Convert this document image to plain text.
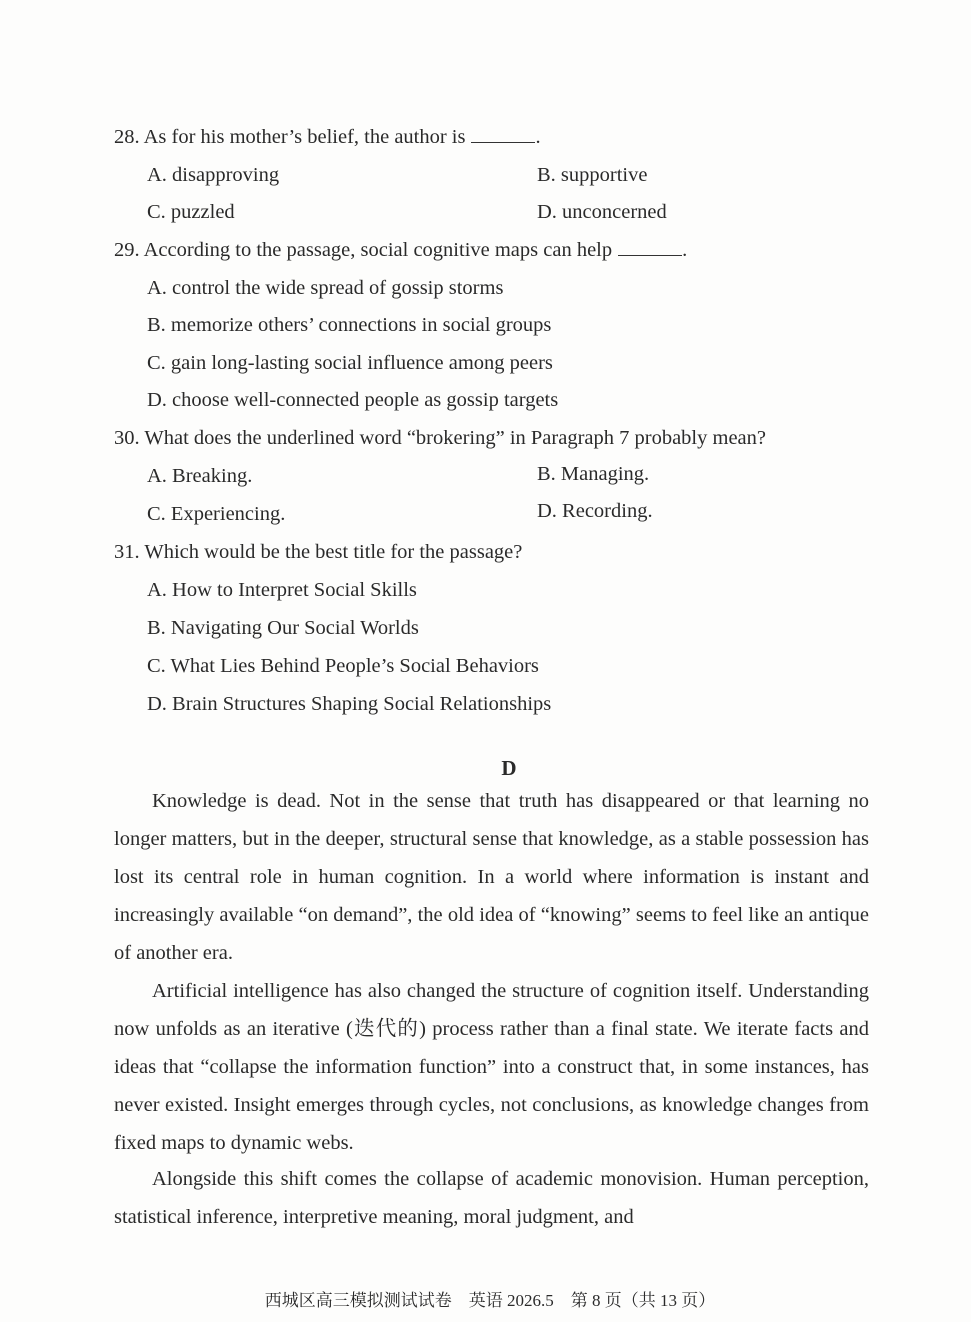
28. As for his mother’s belief, the author is	.
A. disapproving	B. supportive
C. puzzled	D. unconcerned
29. According to the passage, social cognitive maps can help	.
A. control the wide spread of gossip storms
B. memorize others’ connections in social groups
C. gain long-lasting social influence among peers
D. choose well-connected people as gossip targets
30. What does the underlined word “brokering” in Paragraph 7 probably mean?
A. Breaking.	B. Managing.
C. Experiencing.	D. Recording.
31. Which would be the best title for the passage?
A. How to Interpret Social Skills
B. Navigating Our Social Worlds
C. What Lies Behind People’s Social Behaviors
D. Brain Structures Shaping Social Relationships
D

Knowledge is dead. Not in the sense that truth has disappeared or that learning no longer matters, but in the deeper, structural sense that knowledge, as a stable possession has lost its central role in human cognition. In a world where information is instant and increasingly available “on demand”, the old idea of “knowing” seems to feel like an antique of another era.

Artificial intelligence has also changed the structure of cognition itself. Understanding now unfolds as an iterative (迭代的) process rather than a final state. We iterate facts and ideas that “collapse the information function” into a construct that, in some instances, has never existed. Insight emerges through cycles, not conclusions, as knowledge changes from fixed maps to dynamic webs.

Alongside this shift comes the collapse of academic monovision. Human perception, statistical inference, interpretive meaning, moral judgment, and

西城区高三模拟测试试卷　英语 2026.5　第 8 页（共 13 页）
